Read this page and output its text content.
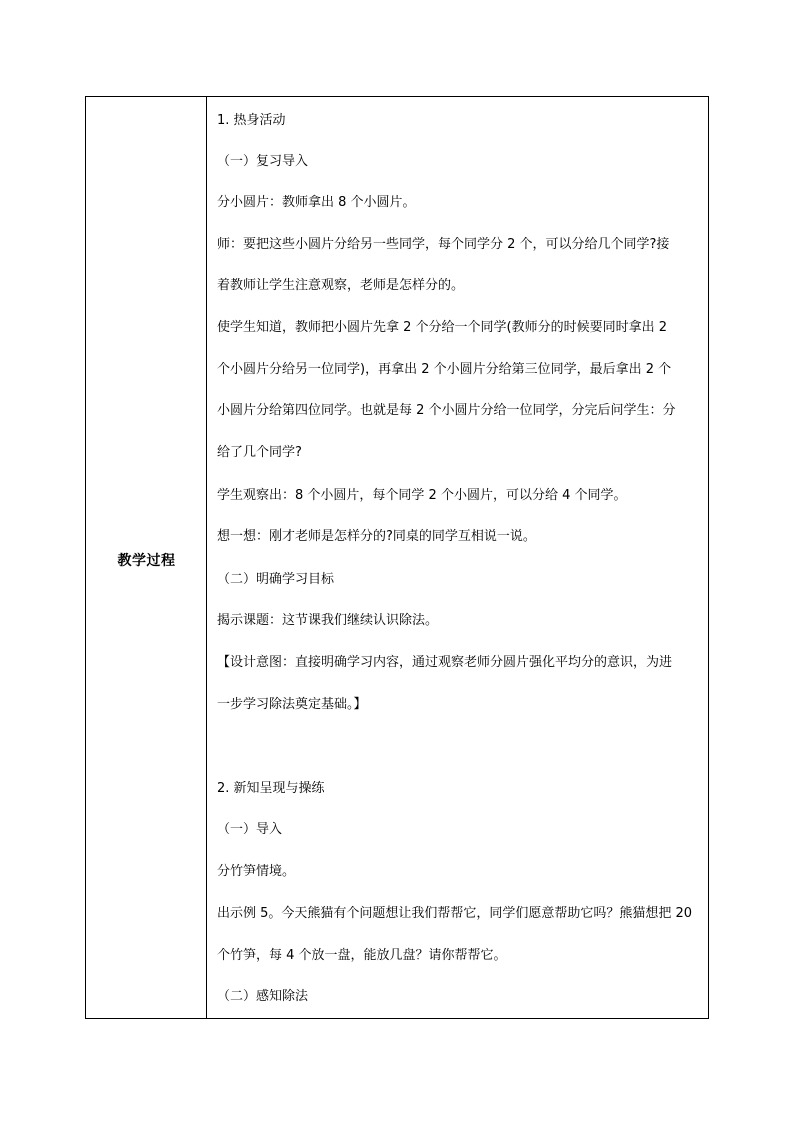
教学过程
1. 热身活动
（一）复习导入
分小圆片：教师拿出 8 个小圆片。
师：要把这些小圆片分给另一些同学，每个同学分 2 个，可以分给几个同学?接
着教师让学生注意观察，老师是怎样分的。
使学生知道，教师把小圆片先拿 2 个分给一个同学(教师分的时候要同时拿出 2
个小圆片分给另一位同学)，再拿出 2 个小圆片分给第三位同学，最后拿出 2 个
小圆片分给第四位同学。也就是每 2 个小圆片分给一位同学，分完后问学生：分
给了几个同学?
学生观察出：8 个小圆片，每个同学 2 个小圆片，可以分给 4 个同学。
想一想：刚才老师是怎样分的?同桌的同学互相说一说。
（二）明确学习目标
揭示课题：这节课我们继续认识除法。
【设计意图：直接明确学习内容，通过观察老师分圆片强化平均分的意识，为进
一步学习除法奠定基础。】
2. 新知呈现与操练
（一）导入
分竹笋情境。
出示例 5。今天熊猫有个问题想让我们帮帮它，同学们愿意帮助它吗？熊猫想把 20
个竹笋，每 4 个放一盘，能放几盘？请你帮帮它。
（二）感知除法
